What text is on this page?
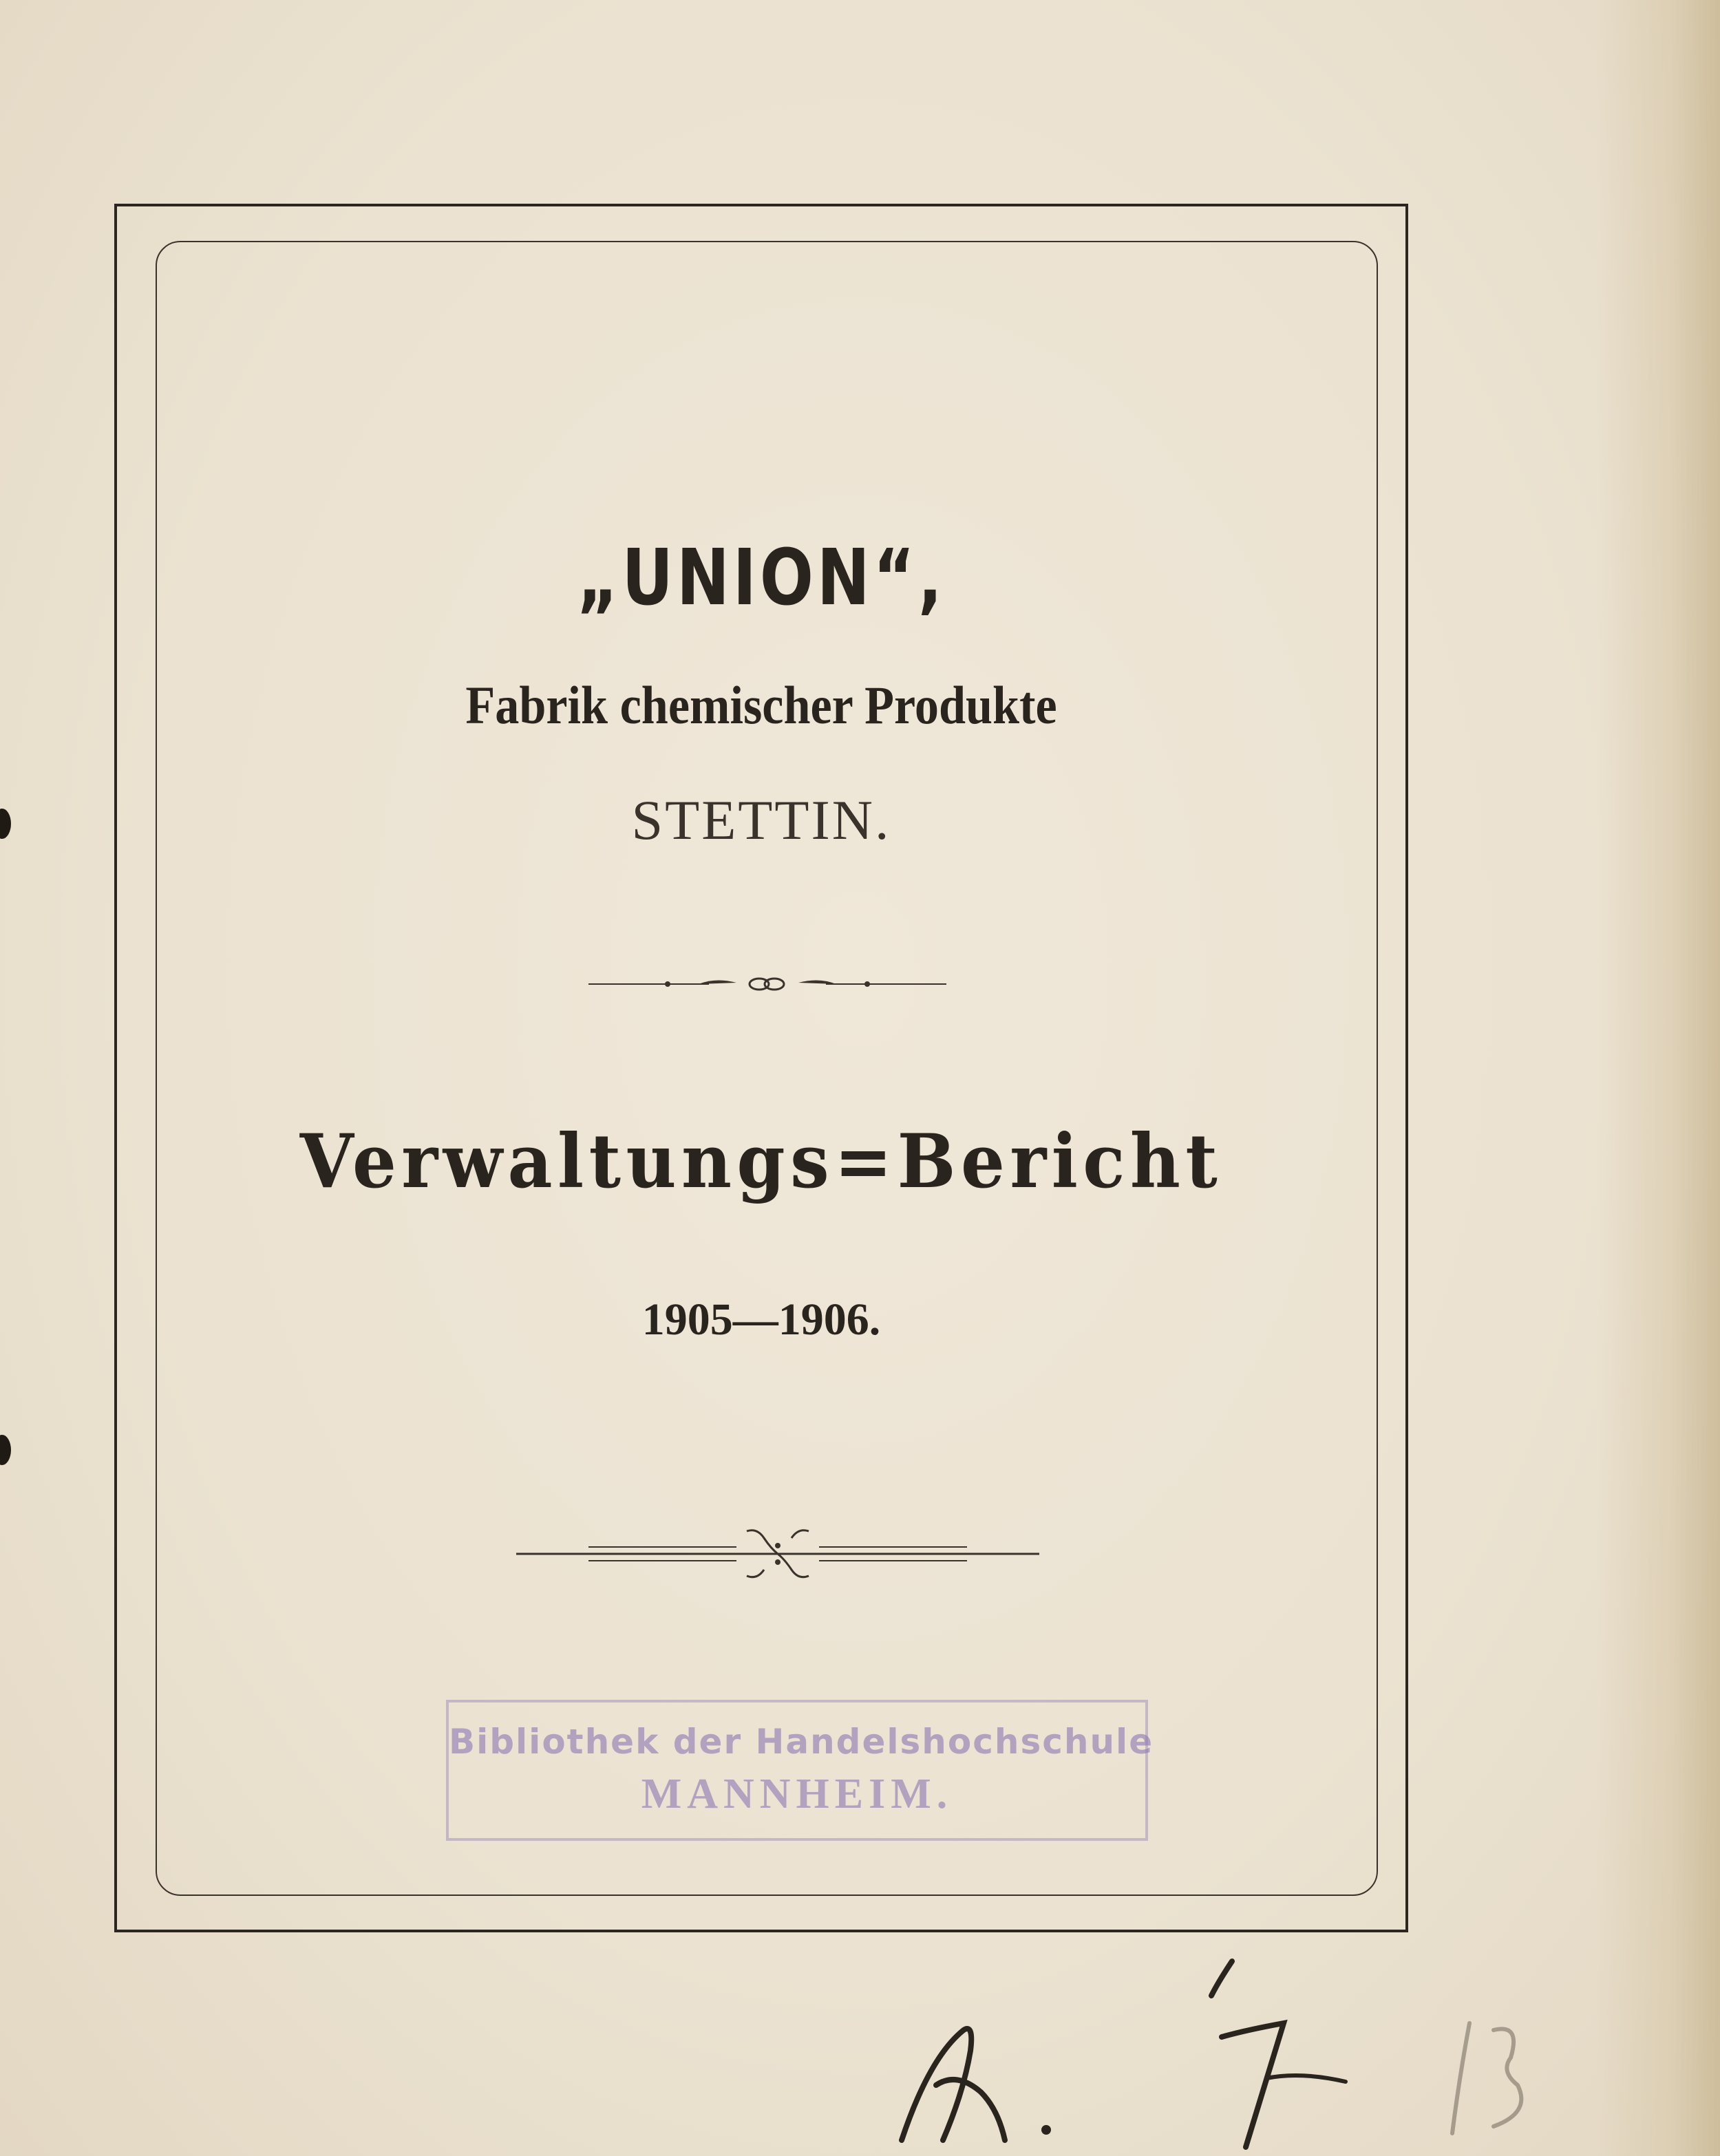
„UNION“,
Fabrik chemischer Produkte
STETTIN.
Verwaltungs=Bericht
1905—1906.
Bibliothek der Handelshochschule
MANNHEIM.
